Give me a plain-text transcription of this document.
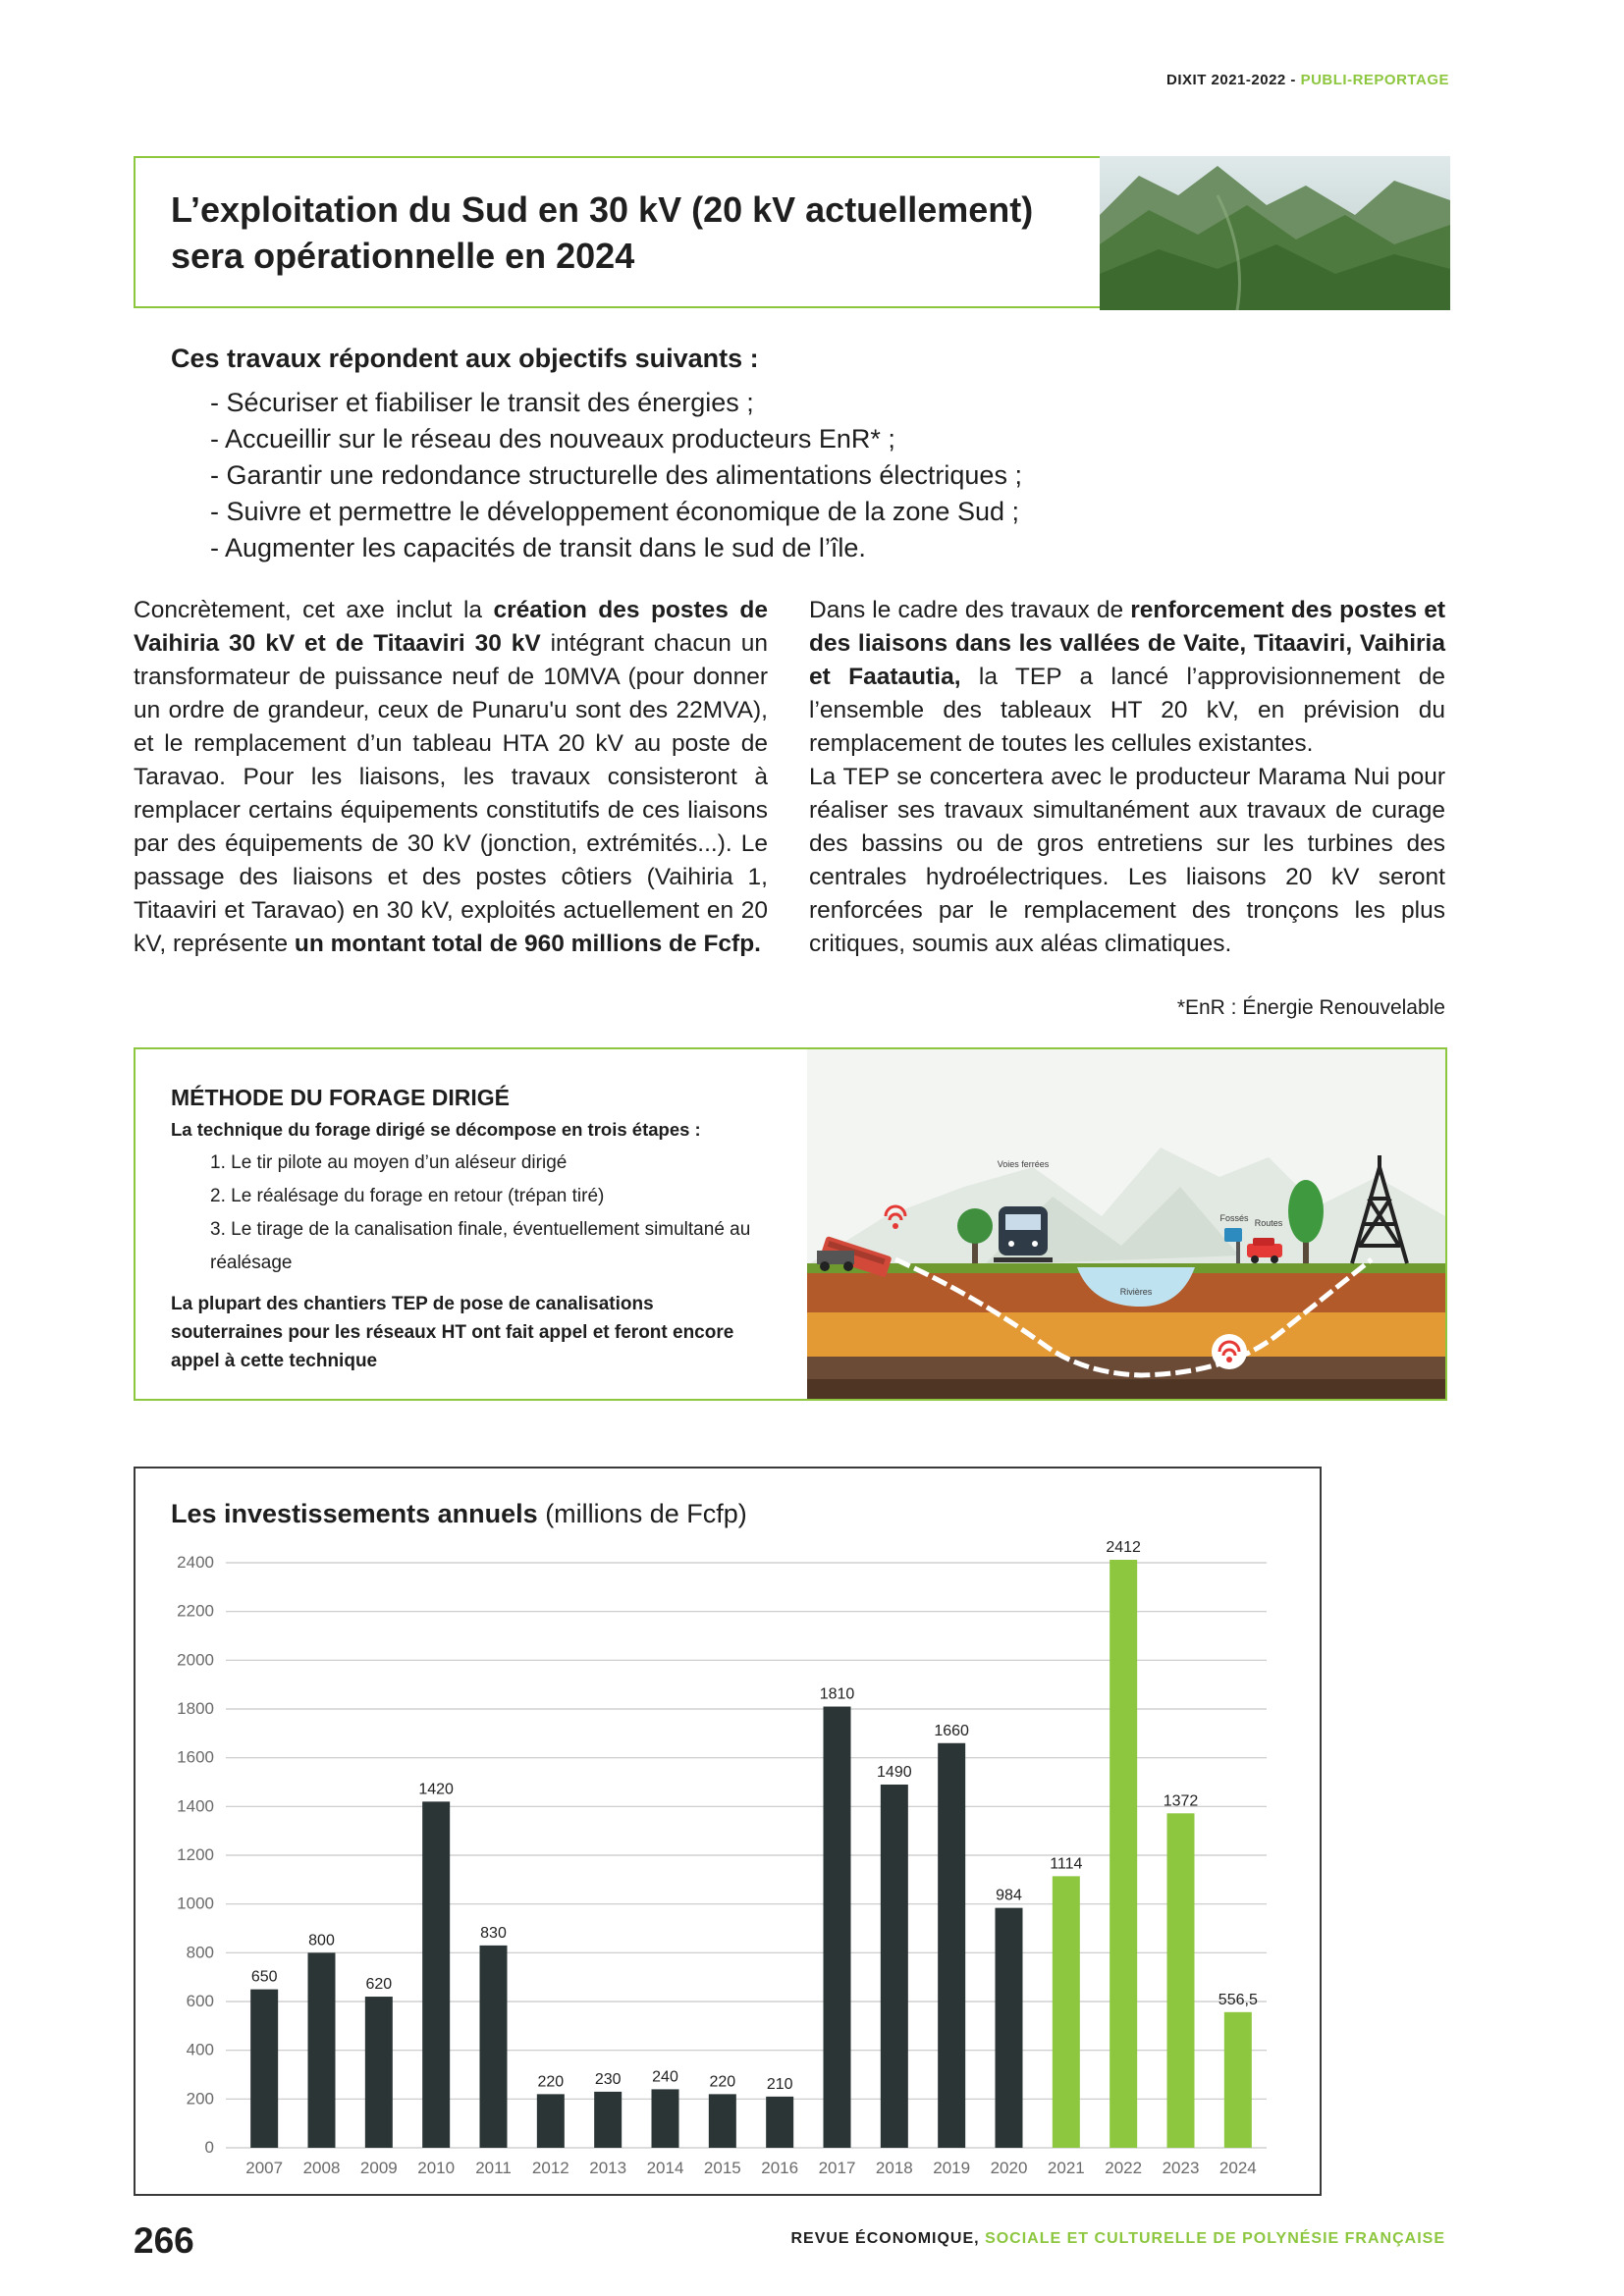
DIXIT 2021-2022 - PUBLI-REPORTAGE
L’exploitation du Sud en 30 kV (20 kV actuellement)
sera opérationnelle en 2024
Ces travaux répondent aux objectifs suivants :
- Sécuriser et fiabiliser le transit des énergies ;
- Accueillir sur le réseau des nouveaux producteurs EnR* ;
- Garantir une redondance structurelle des alimentations électriques ;
- Suivre et permettre le développement économique de la zone Sud ;
- Augmenter les capacités de transit dans le sud de l’île.

Concrètement, cet axe inclut la création des postes de Vaihiria 30 kV et de Titaaviri 30 kV intégrant chacun un transformateur de puissance neuf de 10MVA (pour donner un ordre de grandeur, ceux de Punaru'u sont des 22MVA), et le remplacement d’un tableau HTA 20 kV au poste de Taravao. Pour les liaisons, les travaux consisteront à remplacer certains équipements constitutifs de ces liaisons par des équipements de 30 kV (jonction, extrémités...). Le passage des liaisons et des postes côtiers (Vaihiria 1, Titaaviri et Taravao) en 30 kV, exploités actuellement en 20 kV, représente un montant total de 960 millions de Fcfp.

Dans le cadre des travaux de renforcement des postes et des liaisons dans les vallées de Vaite, Titaaviri, Vaihiria et Faatautia, la TEP a lancé l’approvisionnement de l’ensemble des tableaux HT 20 kV, en prévision du remplacement de toutes les cellules existantes.

La TEP se concertera avec le producteur Marama Nui pour réaliser ses travaux simultanément aux travaux de curage des bassins ou de gros entretiens sur les turbines des centrales hydroélectriques. Les liaisons 20 kV seront renforcées par le remplacement des tronçons les plus critiques, soumis aux aléas climatiques.

*EnR : Énergie Renouvelable
MÉTHODE DU FORAGE DIRIGÉ
La technique du forage dirigé se décompose en trois étapes :
1. Le tir pilote au moyen d’un aléseur dirigé
2. Le réalésage du forage en retour (trépan tiré)
3. Le tirage de la canalisation finale, éventuellement simultané au réalésage
La plupart des chantiers TEP de pose de canalisations souterraines pour les réseaux HT ont fait appel et feront encore appel à cette technique
Rivières
Voies ferrées
Fossés Routes
Les investissements annuels (millions de Fcfp)
0
200
400
600
800
1000
1200
1400
1600
1800
2000
2200
2400
650
2007
800
2008
620
2009
1420
2010
830
2011
220
2012
230
2013
240
2014
220
2015
210
2016
1810
2017
1490
2018
1660
2019
984
2020
1114
2021
2412
2022
1372
2023
556,5
2024
266	REVUE ÉCONOMIQUE, SOCIALE ET CULTURELLE DE POLYNÉSIE FRANÇAISE
